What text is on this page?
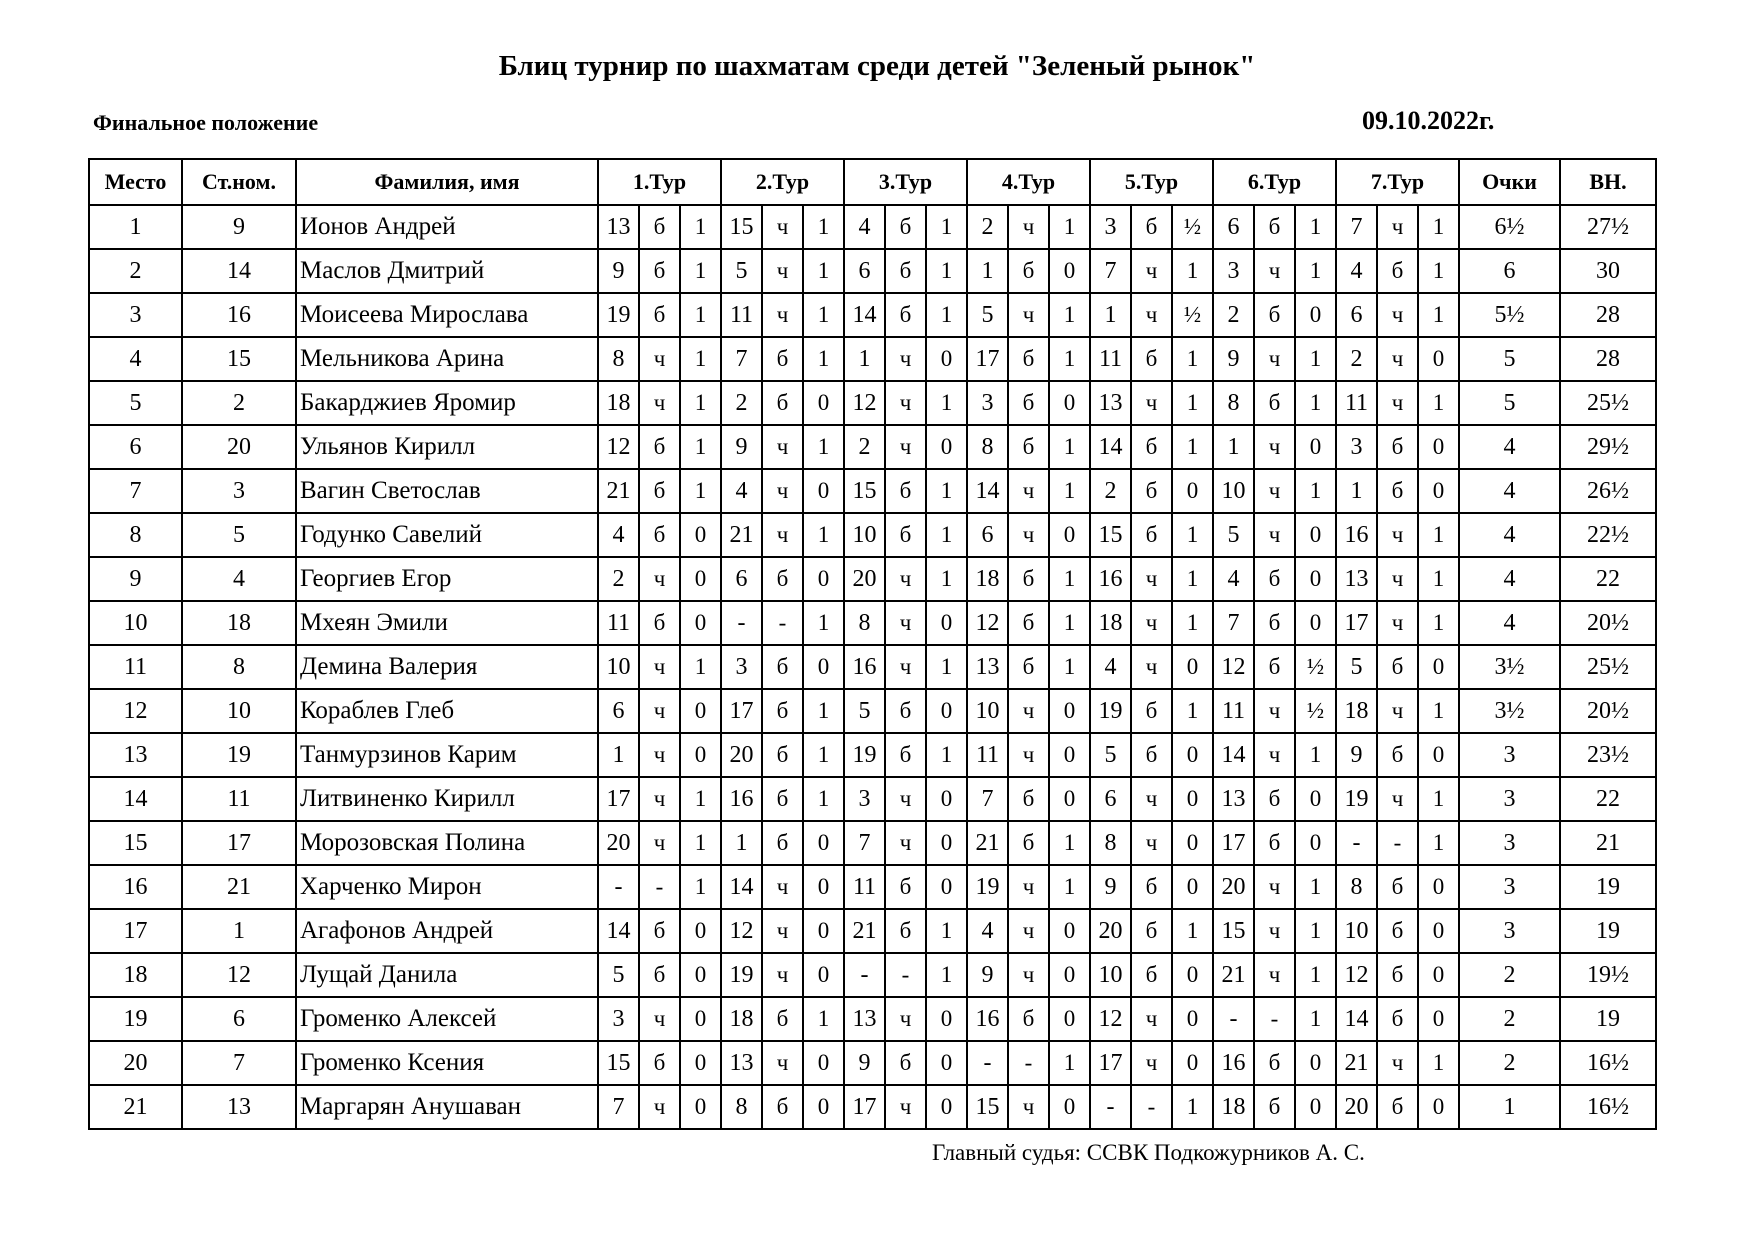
Блиц турнир по шахматам среди детей "Зеленый рынок"
Финальное положение	09.10.2022г.
Место	Ст.ном.	Фамилия, имя	1.Тур			2.Тур			3.Тур			4.Тур			5.Тур			6.Тур			7.Тур			Очки	ВН.
1	9	Ионов Андрей	13	б	1	15	ч	1	4	б	1	2	ч	1	3	б	½	6	б	1	7	ч	1	6½	27½
2	14	Маслов Дмитрий	9	б	1	5	ч	1	6	б	1	1	б	0	7	ч	1	3	ч	1	4	б	1	6	30
3	16	Моисеева Мирослава	19	б	1	11	ч	1	14	б	1	5	ч	1	1	ч	½	2	б	0	6	ч	1	5½	28
4	15	Мельникова Арина	8	ч	1	7	б	1	1	ч	0	17	б	1	11	б	1	9	ч	1	2	ч	0	5	28
5	2	Бакарджиев Яромир	18	ч	1	2	б	0	12	ч	1	3	б	0	13	ч	1	8	б	1	11	ч	1	5	25½
6	20	Ульянов Кирилл	12	б	1	9	ч	1	2	ч	0	8	б	1	14	б	1	1	ч	0	3	б	0	4	29½
7	3	Вагин Светослав	21	б	1	4	ч	0	15	б	1	14	ч	1	2	б	0	10	ч	1	1	б	0	4	26½
8	5	Годунко Савелий	4	б	0	21	ч	1	10	б	1	6	ч	0	15	б	1	5	ч	0	16	ч	1	4	22½
9	4	Георгиев Егор	2	ч	0	6	б	0	20	ч	1	18	б	1	16	ч	1	4	б	0	13	ч	1	4	22
10	18	Мхеян Эмили	11	б	0	-	-	1	8	ч	0	12	б	1	18	ч	1	7	б	0	17	ч	1	4	20½
11	8	Демина Валерия	10	ч	1	3	б	0	16	ч	1	13	б	1	4	ч	0	12	б	½	5	б	0	3½	25½
12	10	Кораблев Глеб	6	ч	0	17	б	1	5	б	0	10	ч	0	19	б	1	11	ч	½	18	ч	1	3½	20½
13	19	Танмурзинов Карим	1	ч	0	20	б	1	19	б	1	11	ч	0	5	б	0	14	ч	1	9	б	0	3	23½
14	11	Литвиненко Кирилл	17	ч	1	16	б	1	3	ч	0	7	б	0	6	ч	0	13	б	0	19	ч	1	3	22
15	17	Морозовская Полина	20	ч	1	1	б	0	7	ч	0	21	б	1	8	ч	0	17	б	0	-	-	1	3	21
16	21	Харченко Мирон	-	-	1	14	ч	0	11	б	0	19	ч	1	9	б	0	20	ч	1	8	б	0	3	19
17	1	Агафонов Андрей	14	б	0	12	ч	0	21	б	1	4	ч	0	20	б	1	15	ч	1	10	б	0	3	19
18	12	Лущай Данила	5	б	0	19	ч	0	-	-	1	9	ч	0	10	б	0	21	ч	1	12	б	0	2	19½
19	6	Громенко Алексей	3	ч	0	18	б	1	13	ч	0	16	б	0	12	ч	0	-	-	1	14	б	0	2	19
20	7	Громенко Ксения	15	б	0	13	ч	0	9	б	0	-	-	1	17	ч	0	16	б	0	21	ч	1	2	16½
21	13	Маргарян Анушаван	7	ч	0	8	б	0	17	ч	0	15	ч	0	-	-	1	18	б	0	20	б	0	1	16½
Главный судья: ССВК Подкожурников А. С.
